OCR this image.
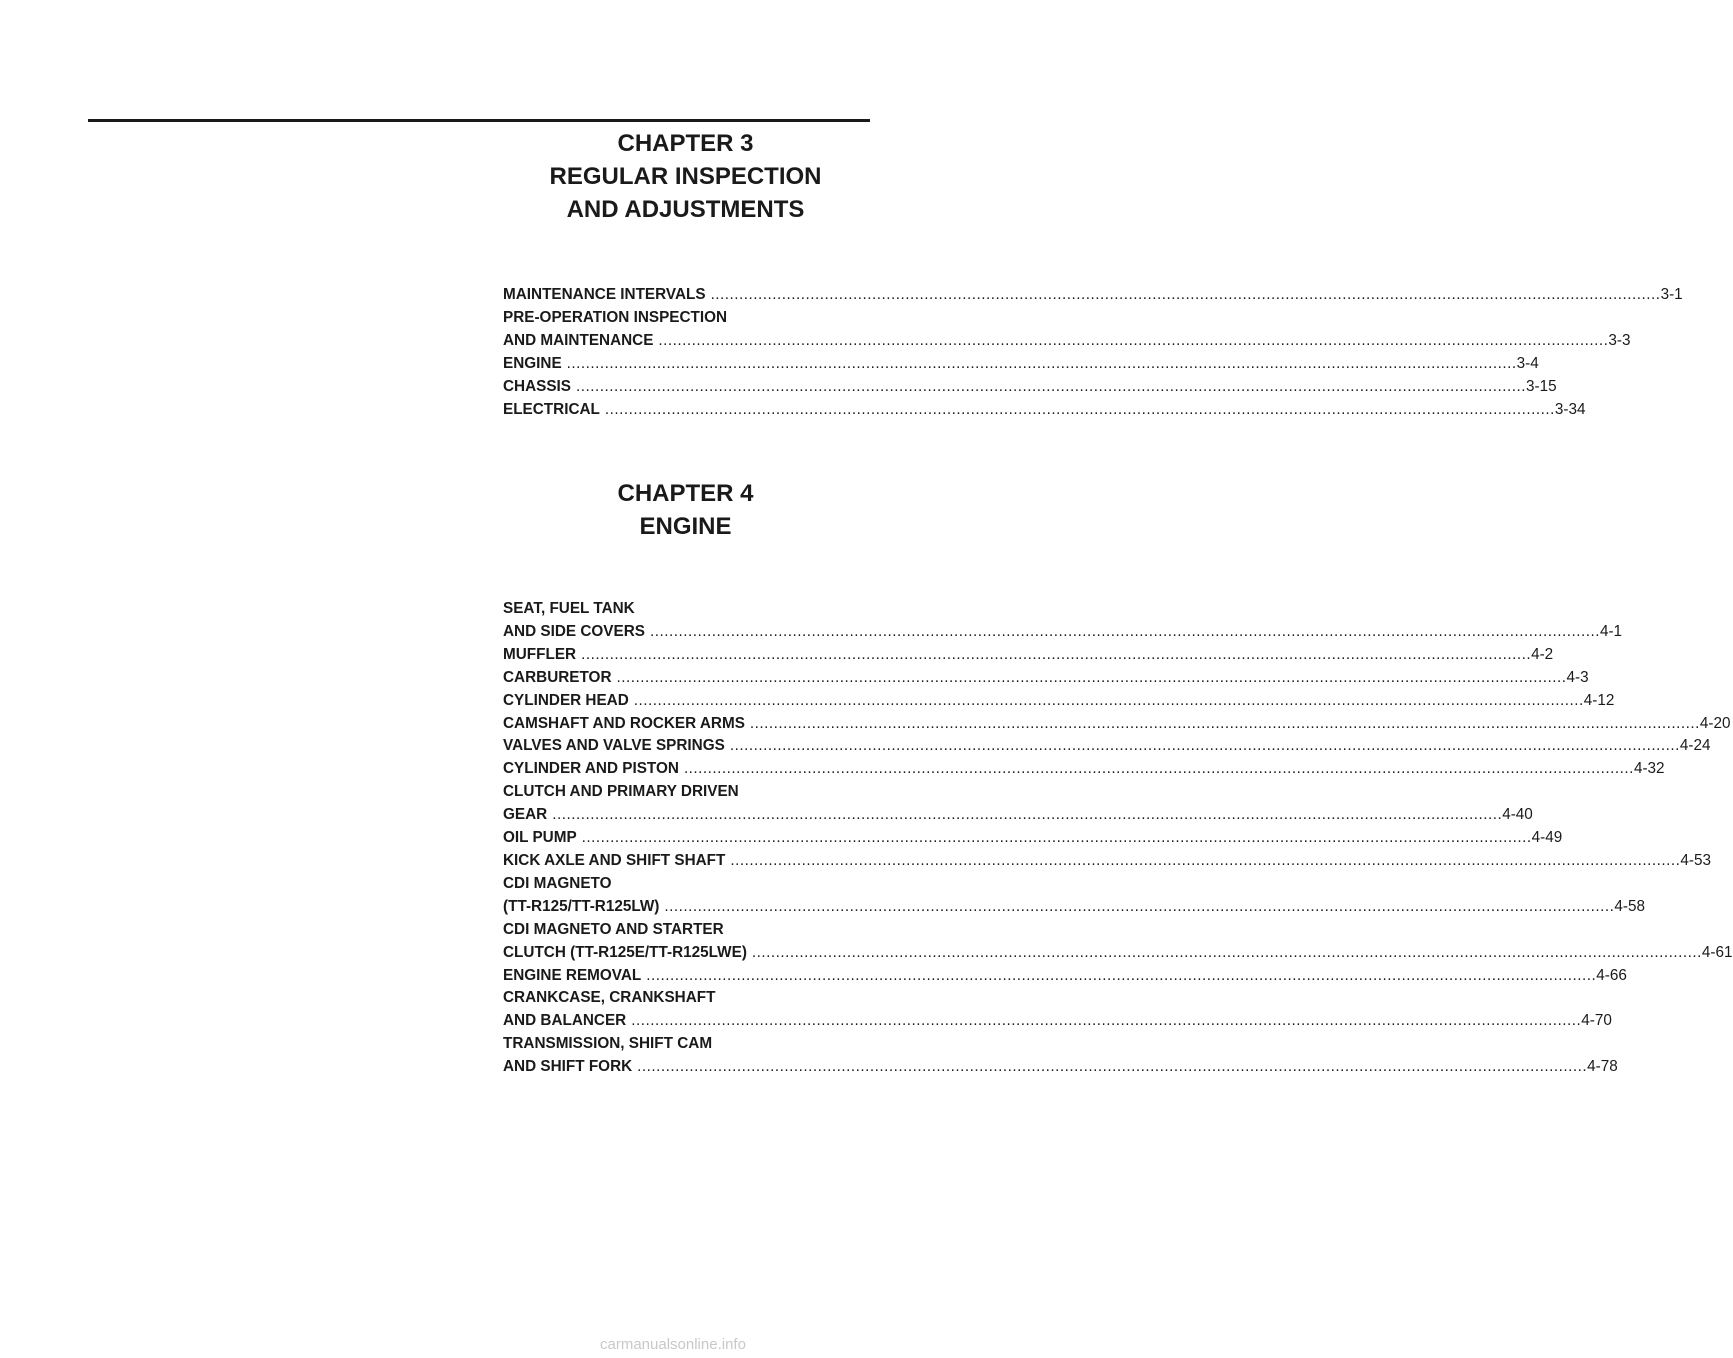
CHAPTER 3
REGULAR INSPECTION
AND ADJUSTMENTS
MAINTENANCE INTERVALS ........................................................................................................................................................................................................ 3-1
PRE-OPERATION INSPECTION
AND MAINTENANCE ........................................................................................................................................................................................................ 3-3
ENGINE ........................................................................................................................................................................................................ 3-4
CHASSIS ........................................................................................................................................................................................................ 3-15
ELECTRICAL ........................................................................................................................................................................................................ 3-34
CHAPTER 4
ENGINE
SEAT, FUEL TANK
AND SIDE COVERS ........................................................................................................................................................................................................ 4-1
MUFFLER ........................................................................................................................................................................................................ 4-2
CARBURETOR ........................................................................................................................................................................................................ 4-3
CYLINDER HEAD ........................................................................................................................................................................................................ 4-12
CAMSHAFT AND ROCKER ARMS ........................................................................................................................................................................................................ 4-20
VALVES AND VALVE SPRINGS ........................................................................................................................................................................................................ 4-24
CYLINDER AND PISTON ........................................................................................................................................................................................................ 4-32
CLUTCH AND PRIMARY DRIVEN
GEAR ........................................................................................................................................................................................................ 4-40
OIL PUMP ........................................................................................................................................................................................................ 4-49
KICK AXLE AND SHIFT SHAFT ........................................................................................................................................................................................................ 4-53
CDI MAGNETO
(TT-R125/TT-R125LW) ........................................................................................................................................................................................................ 4-58
CDI MAGNETO AND STARTER
CLUTCH (TT-R125E/TT-R125LWE) ........................................................................................................................................................................................................ 4-61
ENGINE REMOVAL ........................................................................................................................................................................................................ 4-66
CRANKCASE, CRANKSHAFT
AND BALANCER ........................................................................................................................................................................................................ 4-70
TRANSMISSION, SHIFT CAM
AND SHIFT FORK ........................................................................................................................................................................................................ 4-78
carmanualsonline.info
